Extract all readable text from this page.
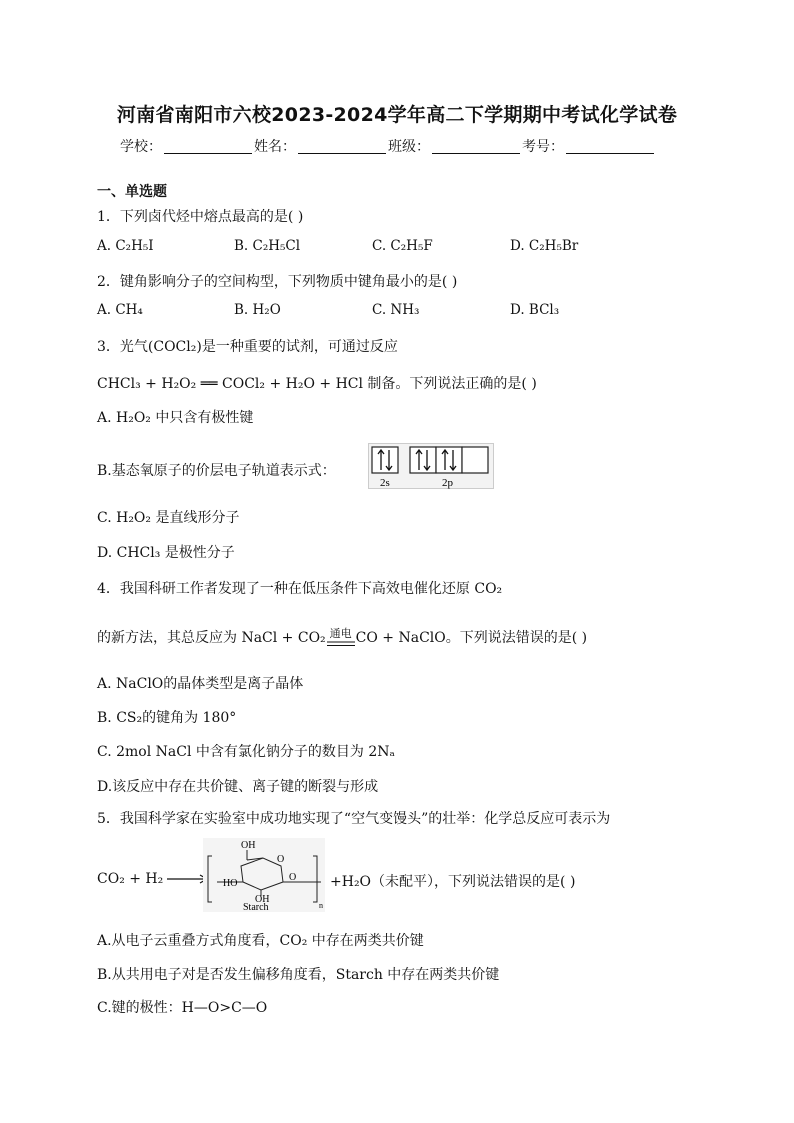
河南省南阳市六校2023-2024学年高二下学期期中考试化学试卷
学校：	姓名：	班级：	考号：
一、单选题
1．下列卤代烃中熔点最高的是( )
A. C₂H₅I	B. C₂H₅Cl	C. C₂H₅F	D. C₂H₅Br
2．键角影响分子的空间构型，下列物质中键角最小的是( )
A. CH₄	B. H₂O	C. NH₃	D. BCl₃
3．光气(COCl₂)是一种重要的试剂，可通过反应
CHCl₃ + H₂O₂ ══ COCl₂ + H₂O + HCl 制备。下列说法正确的是( )
A. H₂O₂ 中只含有极性键
B.基态氧原子的价层电子轨道表示式：
2s	2p
C. H₂O₂ 是直线形分子
D. CHCl₃ 是极性分子
4．我国科研工作者发现了一种在低压条件下高效电催化还原 CO₂
的新方法，其总反应为 NaCl + CO₂ 通电 CO + NaClO。下列说法错误的是( )
A. NaClO的晶体类型是离子晶体
B. CS₂的键角为 180°
C. 2mol NaCl 中含有氯化钠分子的数目为 2Nₐ
D.该反应中存在共价键、离子键的断裂与形成
5．我国科学家在实验室中成功地实现了“空气变馒头”的壮举：化学总反应可表示为
CO₂ + H₂ →
OH
O
HO
OH
O
Starch	n
+H₂O（未配平），下列说法错误的是( )
A.从电子云重叠方式角度看，CO₂ 中存在两类共价键
B.从共用电子对是否发生偏移角度看，Starch 中存在两类共价键
C.键的极性：H—O>C—O
